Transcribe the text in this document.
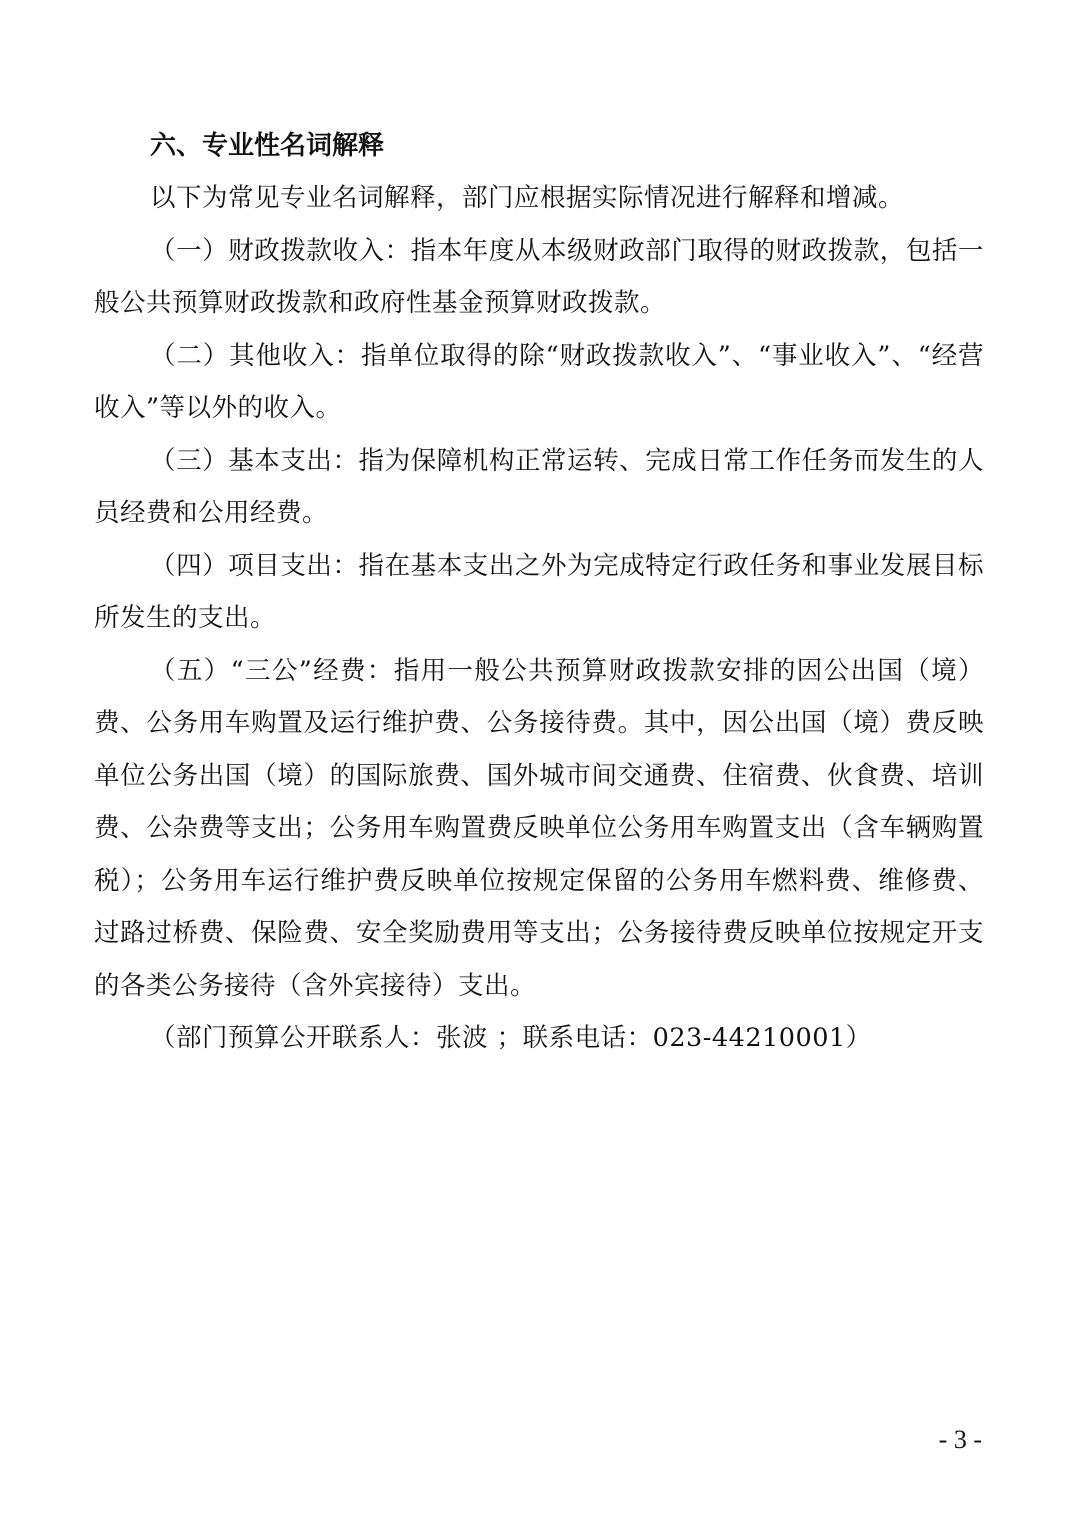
六、专业性名词解释

以下为常见专业名词解释，部门应根据实际情况进行解释和增减。

（一）财政拨款收入：指本年度从本级财政部门取得的财政拨款，包括一般公共预算财政拨款和政府性基金预算财政拨款。

（二）其他收入：指单位取得的除“财政拨款收入”、“事业收入”、“经营收入”等以外的收入。

（三）基本支出：指为保障机构正常运转、完成日常工作任务而发生的人员经费和公用经费。

（四）项目支出：指在基本支出之外为完成特定行政任务和事业发展目标所发生的支出。

（五）“三公”经费：指用一般公共预算财政拨款安排的因公出国（境）费、公务用车购置及运行维护费、公务接待费。其中，因公出国（境）费反映单位公务出国（境）的国际旅费、国外城市间交通费、住宿费、伙食费、培训费、公杂费等支出；公务用车购置费反映单位公务用车购置支出（含车辆购置税）；公务用车运行维护费反映单位按规定保留的公务用车燃料费、维修费、过路过桥费、保险费、安全奖励费用等支出；公务接待费反映单位按规定开支的各类公务接待（含外宾接待）支出。

（部门预算公开联系人：张波 ；联系电话：023-44210001）

- 3 -
